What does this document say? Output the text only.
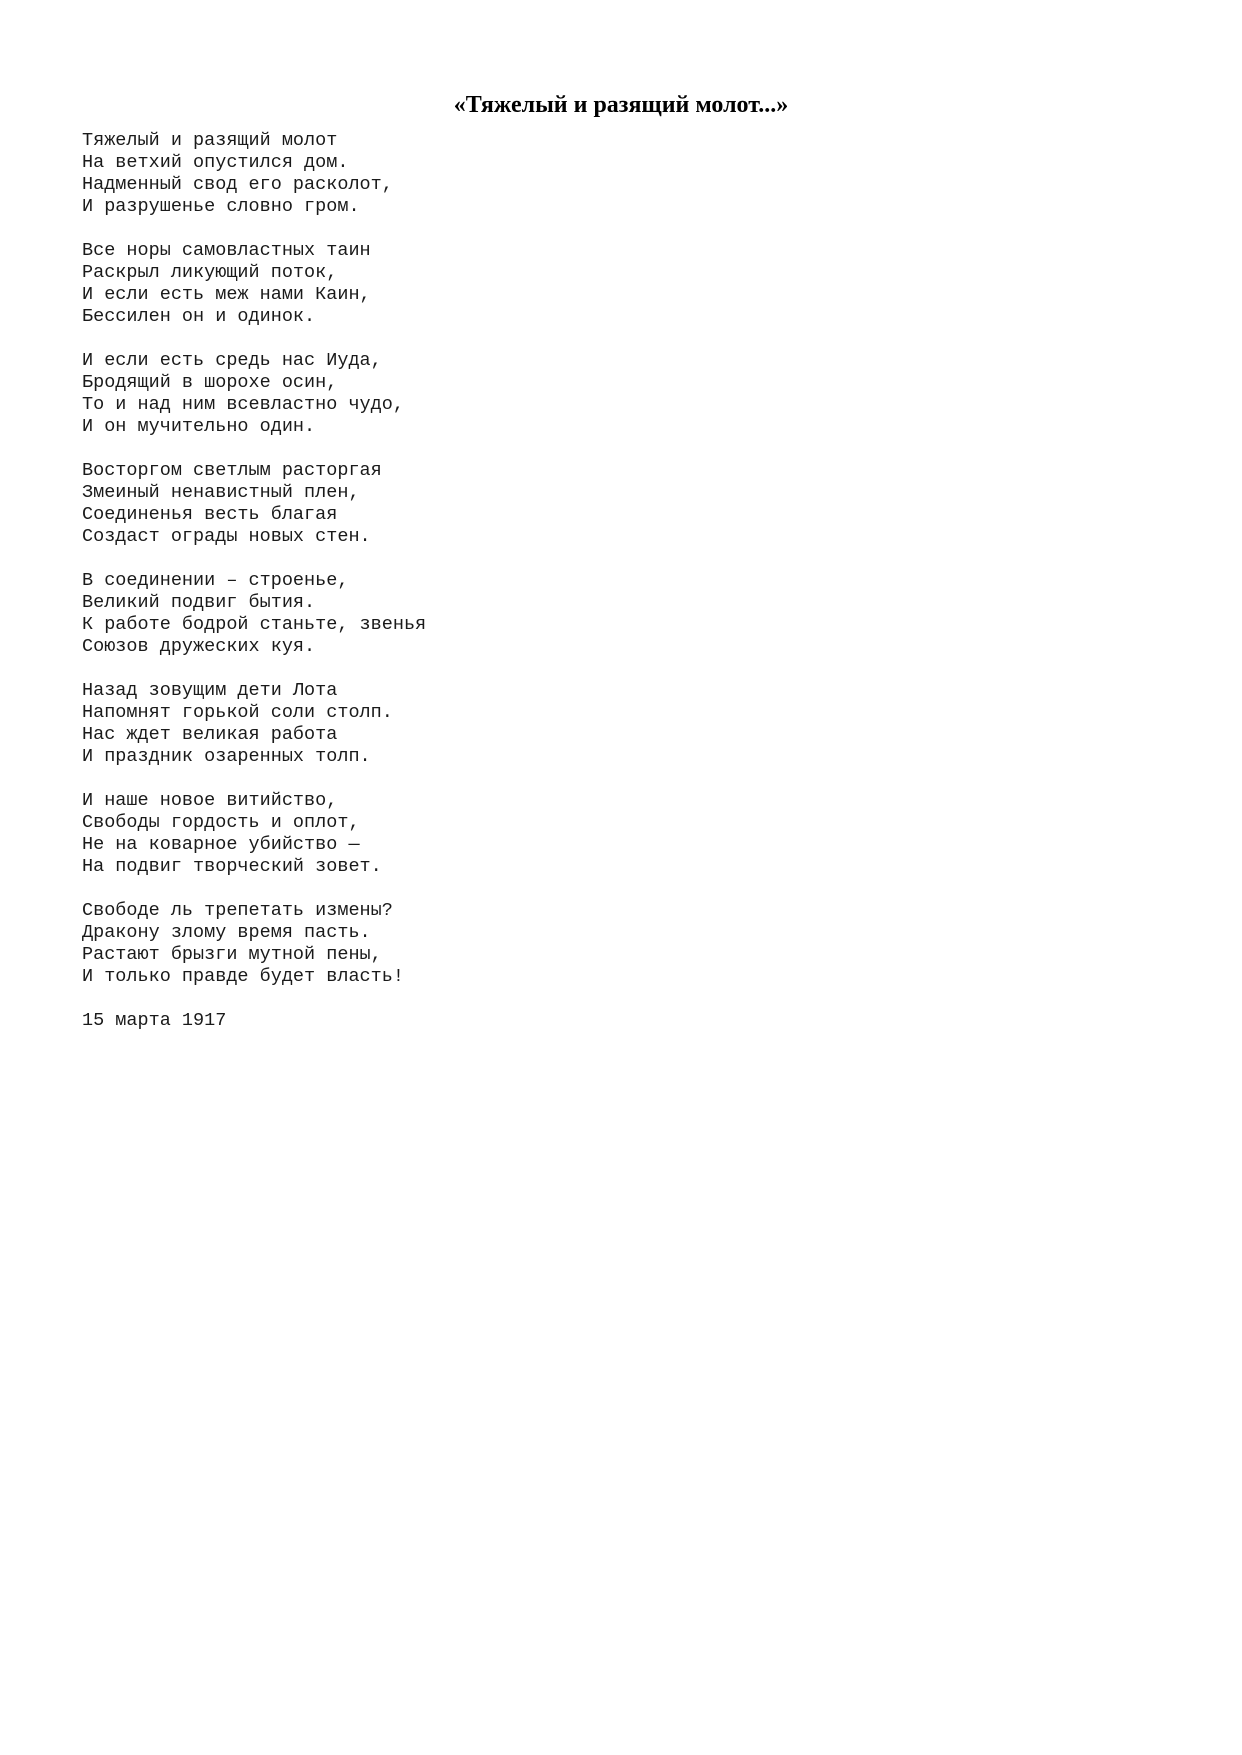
«Тяжелый и разящий молот...»
Тяжелый и разящий молот
На ветхий опустился дом.
Надменный свод его расколот,
И разрушенье словно гром.
Все норы самовластных таин
Раскрыл ликующий поток,
И если есть меж нами Каин,
Бессилен он и одинок.
И если есть средь нас Иуда,
Бродящий в шорохе осин,
То и над ним всевластно чудо,
И он мучительно один.
Восторгом светлым расторгая
Змеиный ненавистный плен,
Соединенья весть благая
Создаст ограды новых стен.
В соединении – строенье,
Великий подвиг бытия.
К работе бодрой станьте, звенья
Союзов дружеских куя.
Назад зовущим дети Лота
Напомнят горькой соли столп.
Нас ждет великая работа
И праздник озаренных толп.
И наше новое витийство,
Свободы гордость и оплот,
Не на коварное убийство —
На подвиг творческий зовет.
Свободе ль трепетать измены?
Дракону злому время пасть.
Растают брызги мутной пены,
И только правде будет власть!
15 марта 1917
